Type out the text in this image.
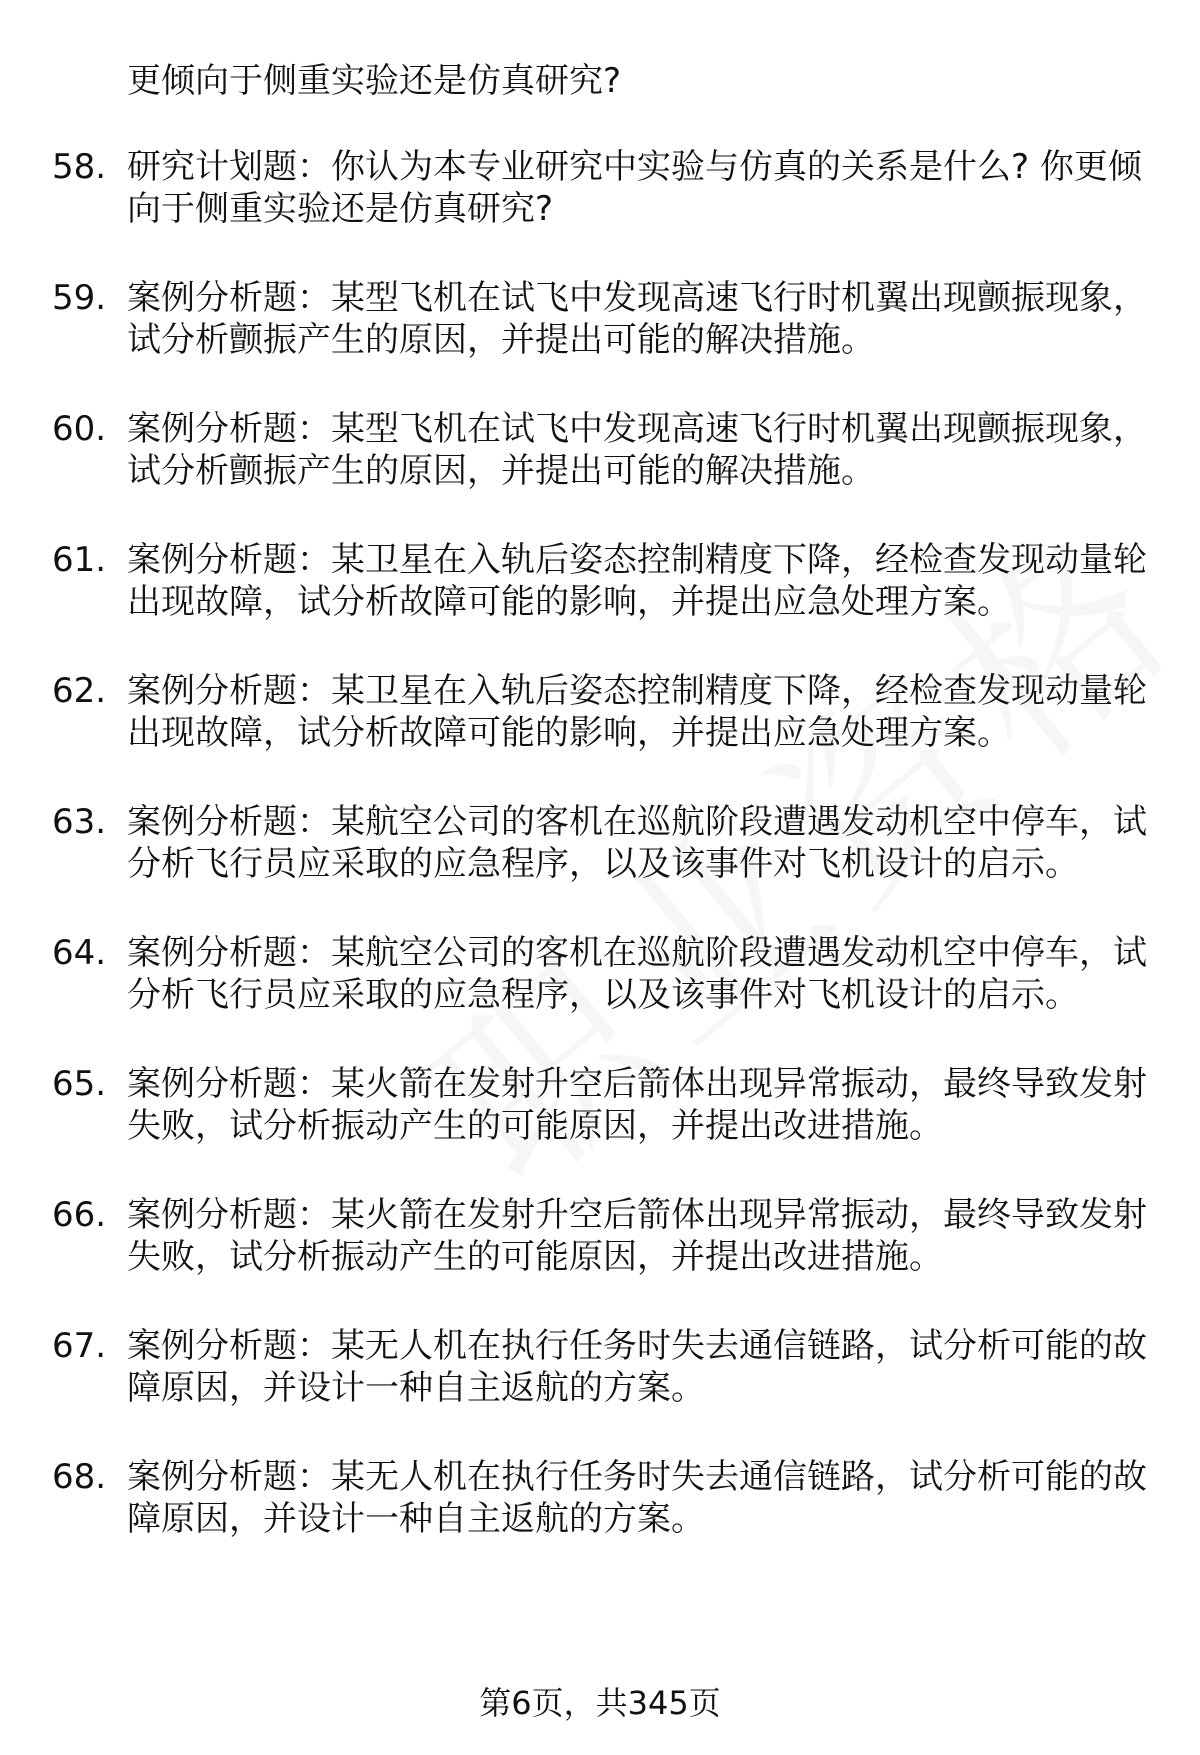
更倾向于侧重实验还是仿真研究?
58. 研究计划题：你认为本专业研究中实验与仿真的关系是什么? 你更倾向于侧重实验还是仿真研究?
59. 案例分析题：某型飞机在试飞中发现高速飞行时机翼出现颤振现象，试分析颤振产生的原因，并提出可能的解决措施。
60. 案例分析题：某型飞机在试飞中发现高速飞行时机翼出现颤振现象，试分析颤振产生的原因，并提出可能的解决措施。
61. 案例分析题：某卫星在入轨后姿态控制精度下降，经检查发现动量轮出现故障，试分析故障可能的影响，并提出应急处理方案。
62. 案例分析题：某卫星在入轨后姿态控制精度下降，经检查发现动量轮出现故障，试分析故障可能的影响，并提出应急处理方案。
63. 案例分析题：某航空公司的客机在巡航阶段遭遇发动机空中停车，试分析飞行员应采取的应急程序，以及该事件对飞机设计的启示。
64. 案例分析题：某航空公司的客机在巡航阶段遭遇发动机空中停车，试分析飞行员应采取的应急程序，以及该事件对飞机设计的启示。
65. 案例分析题：某火箭在发射升空后箭体出现异常振动，最终导致发射失败，试分析振动产生的可能原因，并提出改进措施。
66. 案例分析题：某火箭在发射升空后箭体出现异常振动，最终导致发射失败，试分析振动产生的可能原因，并提出改进措施。
67. 案例分析题：某无人机在执行任务时失去通信链路，试分析可能的故障原因，并设计一种自主返航的方案。
68. 案例分析题：某无人机在执行任务时失去通信链路，试分析可能的故障原因，并设计一种自主返航的方案。
第6页，共345页
